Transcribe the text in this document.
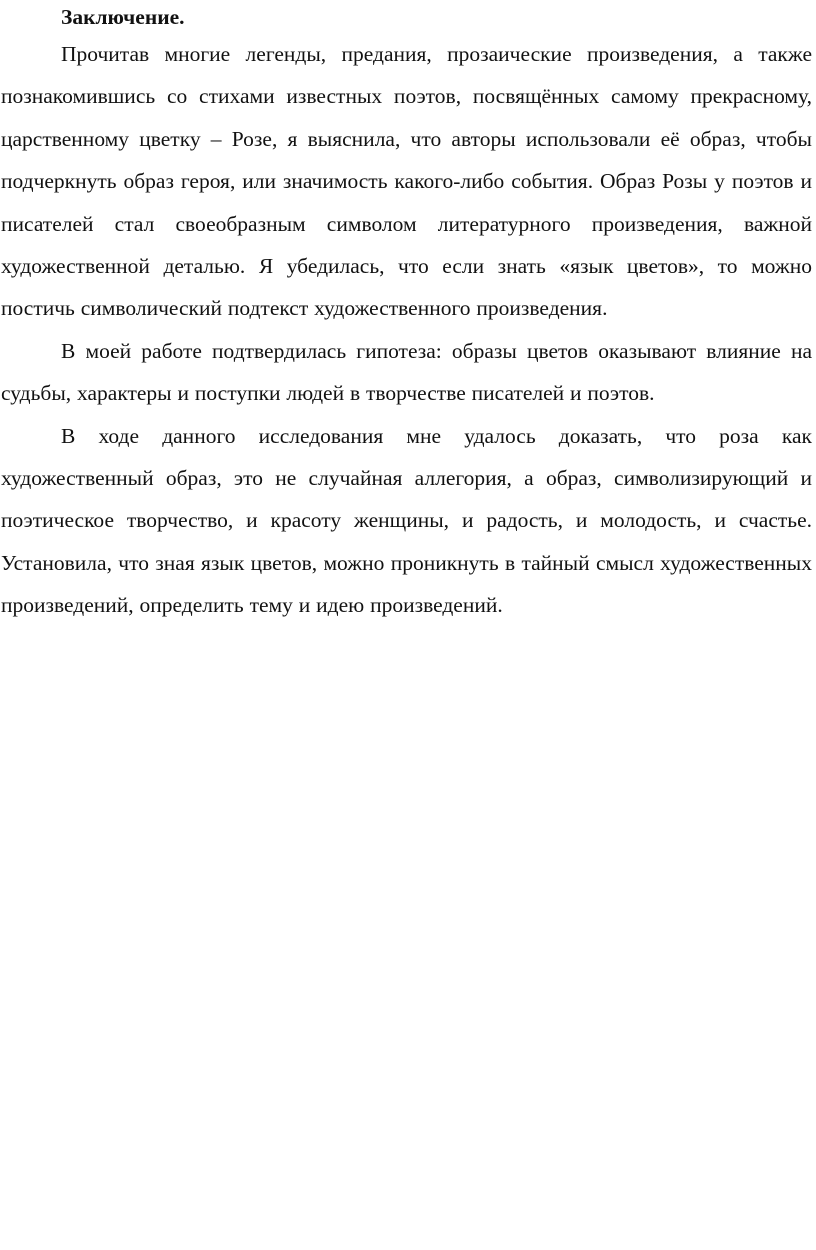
Заключение.

Прочитав многие легенды, предания, прозаические произведения, а также познакомившись со стихами известных поэтов, посвящённых самому прекрасному, царственному цветку – Розе, я выяснила, что авторы использовали её образ, чтобы подчеркнуть образ героя, или значимость какого-либо события. Образ Розы у поэтов и писателей стал своеобразным символом литературного произведения, важной художественной деталью. Я убедилась, что если знать «язык цветов», то можно постичь символический подтекст художественного произведения.

В моей работе подтвердилась гипотеза: образы цветов оказывают влияние на судьбы, характеры и поступки людей в творчестве писателей и поэтов.

В ходе данного исследования мне удалось доказать, что роза как художественный образ, это не случайная аллегория, а образ, символизирующий и поэтическое творчество, и красоту женщины, и радость, и молодость, и счастье. Установила, что зная язык цветов, можно проникнуть в тайный смысл художественных произведений, определить тему и идею произведений.
